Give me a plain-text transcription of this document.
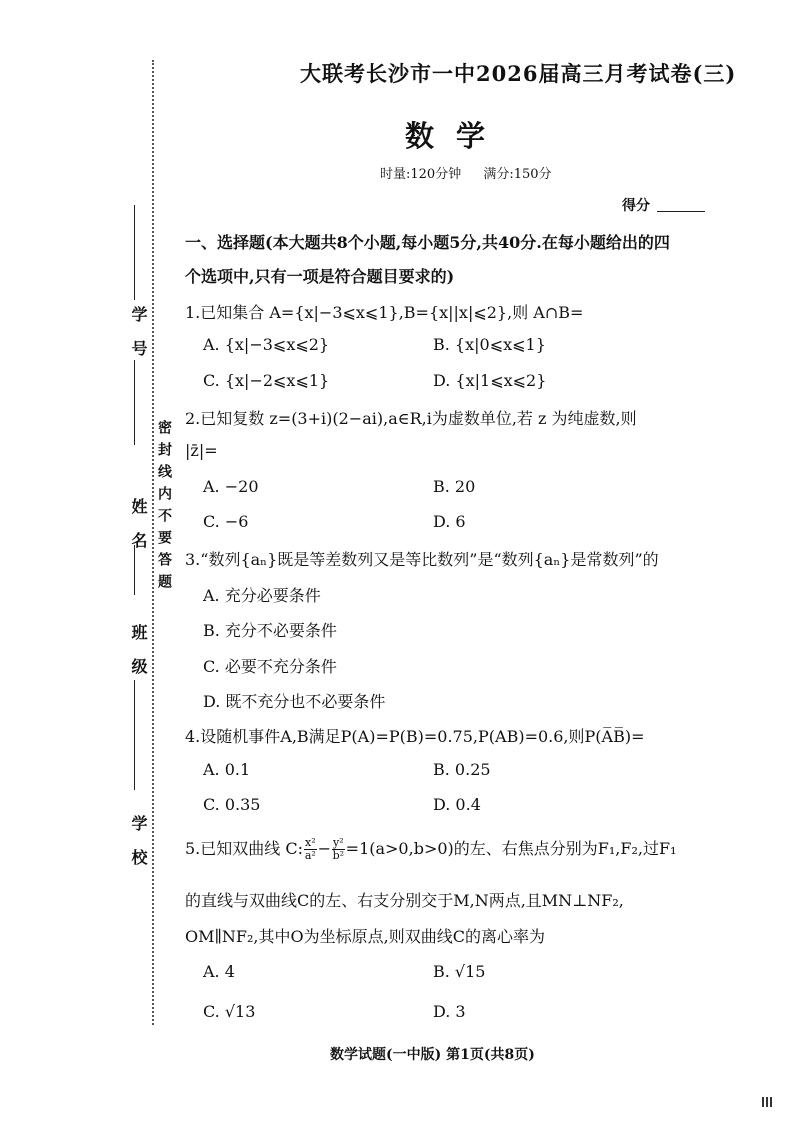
密封线内不要答题
学号
姓名
班级
学校
大联考长沙市一中2026届高三月考试卷(三)
数学
时量:120分钟 满分:150分
得分
一、选择题(本大题共8个小题,每小题5分,共40分.在每小题给出的四
个选项中,只有一项是符合题目要求的)
1.已知集合 A={x|−3⩽x⩽1},B={x||x|⩽2},则 A∩B=
A. {x|−3⩽x⩽2}	B. {x|0⩽x⩽1}
C. {x|−2⩽x⩽1}	D. {x|1⩽x⩽2}
2.已知复数 z=(3+i)(2−ai),a∈R,i为虚数单位,若 z 为纯虚数,则
|z̄|=
A. −20	B. 20
C. −6	D. 6
3.“数列{aₙ}既是等差数列又是等比数列”是“数列{aₙ}是常数列”的
A. 充分必要条件
B. 充分不必要条件
C. 必要不充分条件
D. 既不充分也不必要条件
4.设随机事件A,B满足P(A)=P(B)=0.75,P(AB)=0.6,则P(A̅B̅)=
A. 0.1	B. 0.25
C. 0.35	D. 0.4
5.已知双曲线 C: $\frac{\text{x²}}{\text{a²}} - \frac{\text{y²}}{\text{b²}} =1(a>0,b>0)$的左、右焦点分别为F₁,F₂,过F₁
的直线与双曲线C的左、右支分别交于M,N两点,且MN⊥NF₂,
OM∥NF₂,其中O为坐标原点,则双曲线C的离心率为
A. 4	B. √15
C. √13	D. 3
数学试题(一中版) 第1页(共8页)
